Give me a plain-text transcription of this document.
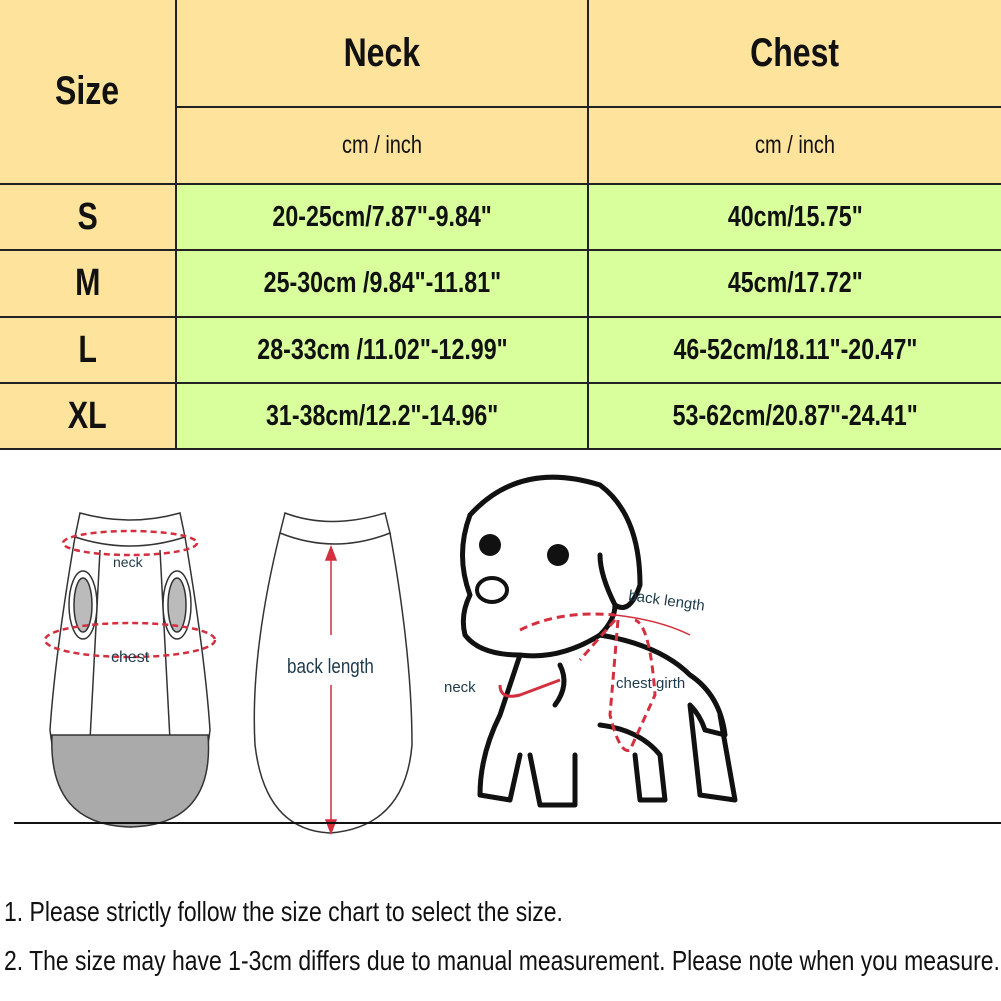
Size
Neck	Chest
cm / inch	cm / inch
S	20-25cm/7.87"-9.84"	40cm/15.75"
M	25-30cm /9.84"-11.81"	45cm/17.72"
L	28-33cm /11.02"-12.99"	46-52cm/18.11"-20.47"
XL	31-38cm/12.2"-14.96"	53-62cm/20.87"-24.41"
neck
chest	back length
back length
neck	chest girth
1. Please strictly follow the size chart to select the size.
2. The size may have 1-3cm differs due to manual measurement. Please note when you measure.
